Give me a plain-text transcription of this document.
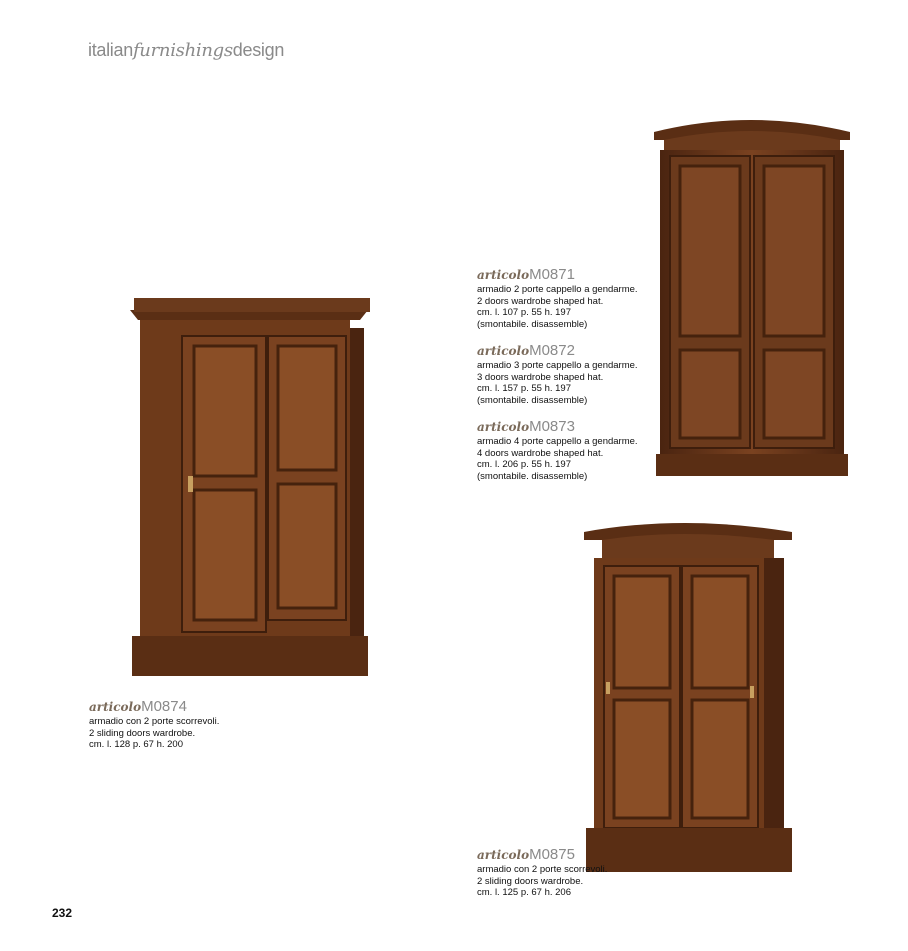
italianfurnishingsdesign
articoloM0871
armadio 2 porte cappello a gendarme.
2 doors wardrobe shaped hat.
cm. l. 107 p. 55 h. 197
(smontabile. disassemble)
articoloM0872
armadio 3 porte cappello a gendarme.
3 doors wardrobe shaped hat.
cm. l. 157 p. 55 h. 197
(smontabile. disassemble)
articoloM0873
armadio 4 porte cappello a gendarme.
4 doors wardrobe shaped hat.
cm. l. 206 p. 55 h. 197
(smontabile. disassemble)
articoloM0874
armadio con 2 porte scorrevoli.
2 sliding doors wardrobe.
cm. l. 128 p. 67 h. 200
articoloM0875
armadio con 2 porte scorrevoli.
2 sliding doors wardrobe.
cm. l. 125 p. 67 h. 206
232
